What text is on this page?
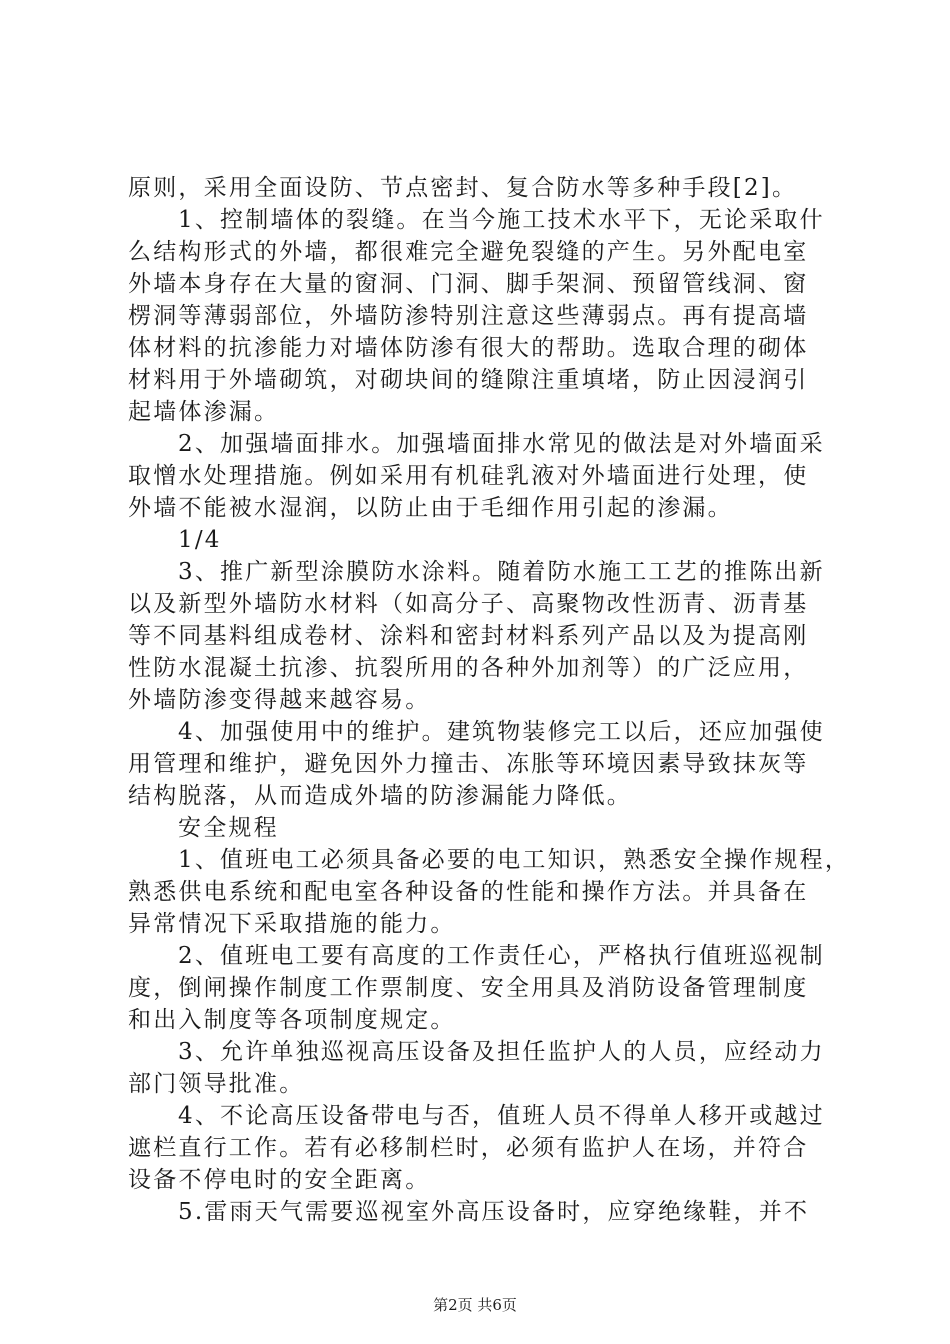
原则，采用全面设防、节点密封、复合防水等多种手段[2]。
1、控制墙体的裂缝。在当今施工技术水平下，无论采取什
么结构形式的外墙，都很难完全避免裂缝的产生。另外配电室
外墙本身存在大量的窗洞、门洞、脚手架洞、预留管线洞、窗
楞洞等薄弱部位，外墙防渗特别注意这些薄弱点。再有提高墙
体材料的抗渗能力对墙体防渗有很大的帮助。选取合理的砌体
材料用于外墙砌筑，对砌块间的缝隙注重填堵，防止因浸润引
起墙体渗漏。
2、加强墙面排水。加强墙面排水常见的做法是对外墙面采
取憎水处理措施。例如采用有机硅乳液对外墙面进行处理，使
外墙不能被水湿润，以防止由于毛细作用引起的渗漏。
1/4
3、推广新型涂膜防水涂料。随着防水施工工艺的推陈出新
以及新型外墙防水材料（如高分子、高聚物改性沥青、沥青基
等不同基料组成卷材、涂料和密封材料系列产品以及为提高刚
性防水混凝土抗渗、抗裂所用的各种外加剂等）的广泛应用，
外墙防渗变得越来越容易。
4、加强使用中的维护。建筑物装修完工以后，还应加强使
用管理和维护，避免因外力撞击、冻胀等环境因素导致抹灰等
结构脱落，从而造成外墙的防渗漏能力降低。
安全规程
1、值班电工必须具备必要的电工知识，熟悉安全操作规程，
熟悉供电系统和配电室各种设备的性能和操作方法。并具备在
异常情况下采取措施的能力。
2、值班电工要有高度的工作责任心，严格执行值班巡视制
度，倒闸操作制度工作票制度、安全用具及消防设备管理制度
和出入制度等各项制度规定。
3、允许单独巡视高压设备及担任监护人的人员，应经动力
部门领导批准。
4、不论高压设备带电与否，值班人员不得单人移开或越过
遮栏直行工作。若有必移制栏时，必须有监护人在场，并符合
设备不停电时的安全距离。
5.雷雨天气需要巡视室外高压设备时，应穿绝缘鞋，并不
第2页 共6页
